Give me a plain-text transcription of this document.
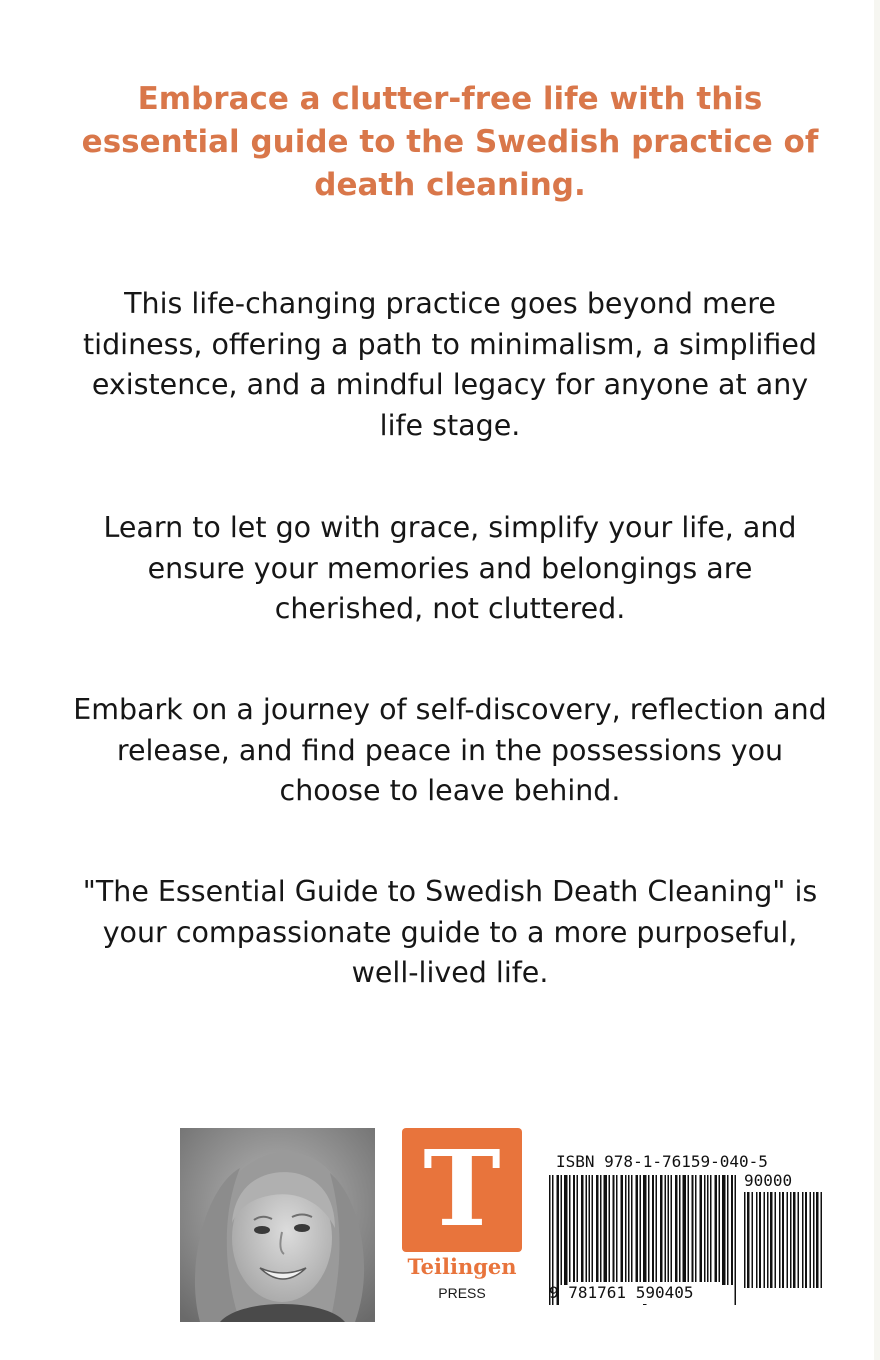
Embrace a clutter-free life with this essential guide to the Swedish practice of death cleaning.

This life-changing practice goes beyond mere tidiness, offering a path to minimalism, a simplified existence, and a mindful legacy for anyone at any life stage.

Learn to let go with grace, simplify your life, and ensure your memories and belongings are cherished, not cluttered.

Embark on a journey of self-discovery, reflection and release, and find peace in the possessions you choose to leave behind.

"The Essential Guide to Swedish Death Cleaning" is your compassionate guide to a more purposeful, well-lived life.

T
Teilingen
PRESS
ISBN 978-1-76159-040-5
90000
9 781761 590405
